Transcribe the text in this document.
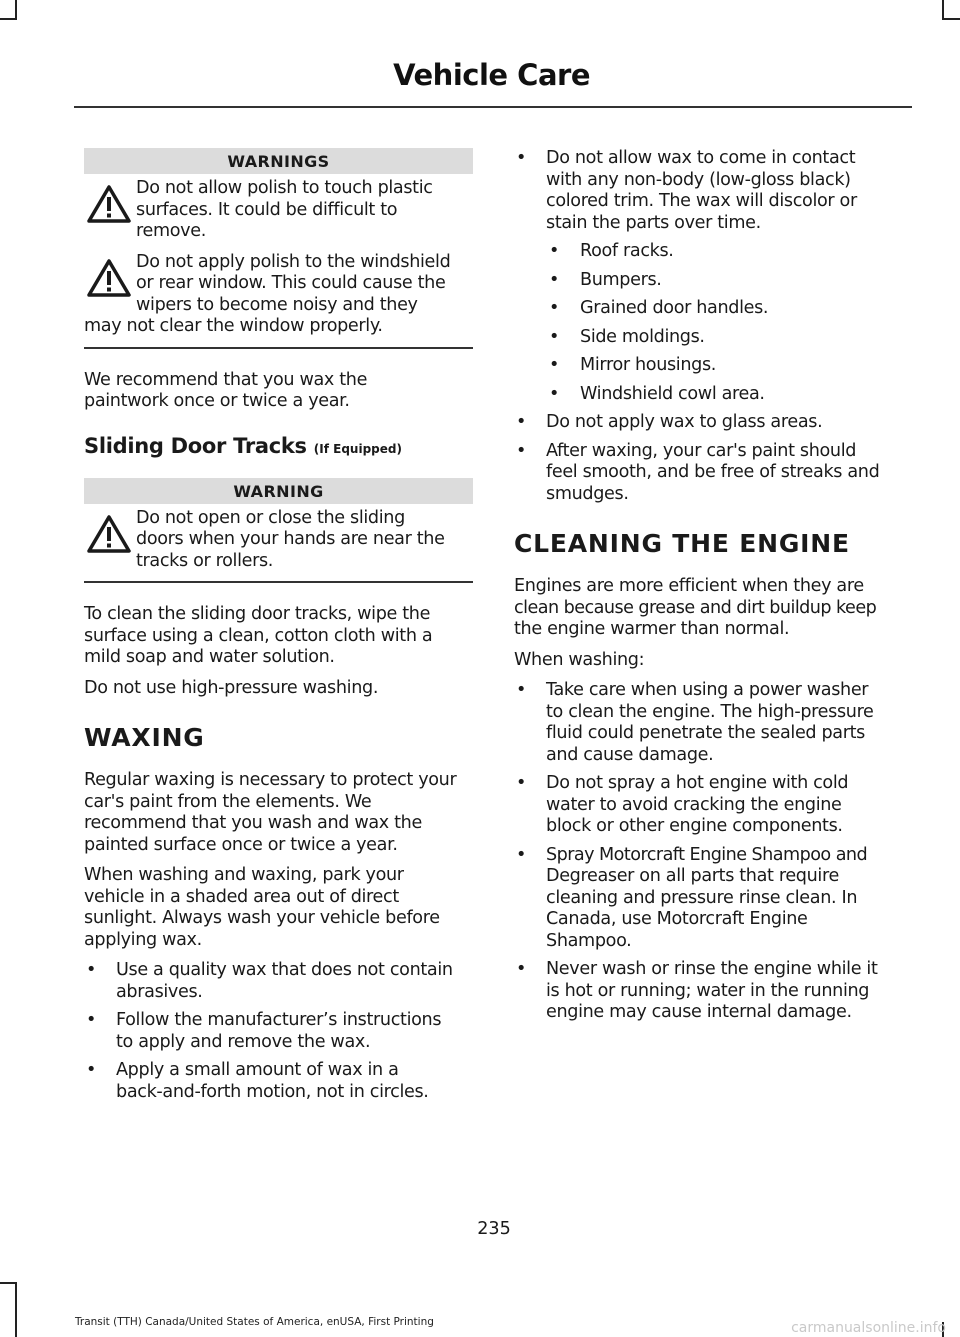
Vehicle Care
WARNINGS
Do not allow polish to touch plastic
surfaces. It could be difficult to
remove.
Do not apply polish to the windshield
or rear window. This could cause the
wipers to become noisy and they
may not clear the window properly.
We recommend that you wax the
paintwork once or twice a year.
Sliding Door Tracks (If Equipped)
WARNING
Do not open or close the sliding
doors when your hands are near the
tracks or rollers.
To clean the sliding door tracks, wipe the
surface using a clean, cotton cloth with a
mild soap and water solution.
Do not use high-pressure washing.
WAXING
Regular waxing is necessary to protect your
car's paint from the elements. We
recommend that you wash and wax the
painted surface once or twice a year.
When washing and waxing, park your
vehicle in a shaded area out of direct
sunlight. Always wash your vehicle before
applying wax.
• Use a quality wax that does not contain
abrasives.
• Follow the manufacturer’s instructions
to apply and remove the wax.
• Apply a small amount of wax in a
back-and-forth motion, not in circles.
• Do not allow wax to come in contact
with any non-body (low-gloss black)
colored trim. The wax will discolor or
stain the parts over time.
• Roof racks.
• Bumpers.
• Grained door handles.
• Side moldings.
• Mirror housings.
• Windshield cowl area.
• Do not apply wax to glass areas.
• After waxing, your car's paint should
feel smooth, and be free of streaks and
smudges.
CLEANING THE ENGINE
Engines are more efficient when they are
clean because grease and dirt buildup keep
the engine warmer than normal.
When washing:
• Take care when using a power washer
to clean the engine. The high-pressure
fluid could penetrate the sealed parts
and cause damage.
• Do not spray a hot engine with cold
water to avoid cracking the engine
block or other engine components.
• Spray Motorcraft Engine Shampoo and
Degreaser on all parts that require
cleaning and pressure rinse clean. In
Canada, use Motorcraft Engine
Shampoo.
• Never wash or rinse the engine while it
is hot or running; water in the running
engine may cause internal damage.
235
Transit (TTH) Canada/United States of America, enUSA, First Printing	carmanualsonline.info
